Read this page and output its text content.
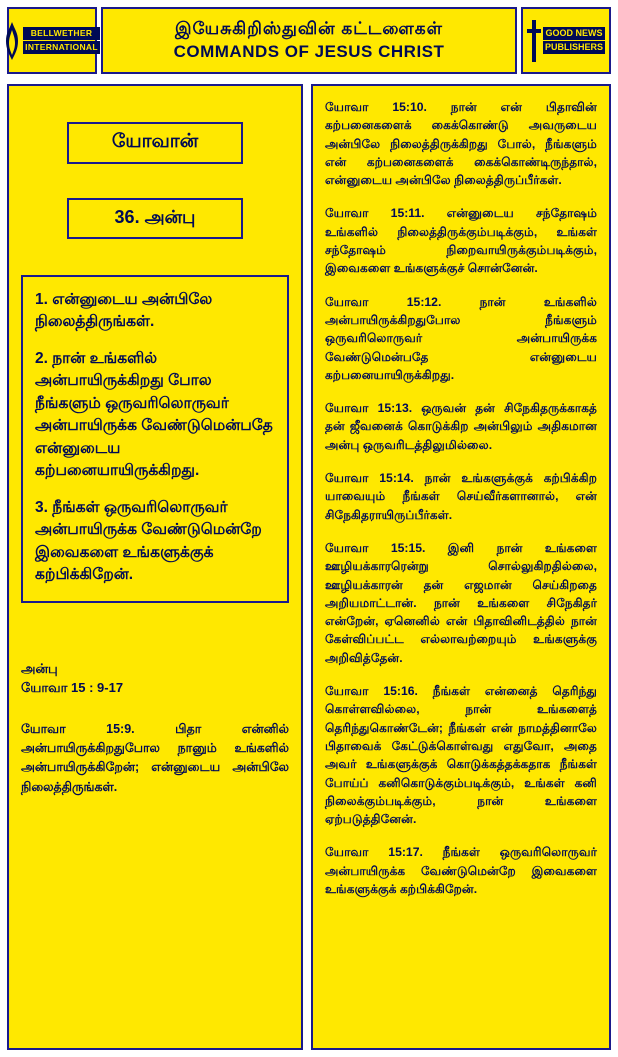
BELLWETHER
INTERNATIONAL
இயேசுகிறிஸ்துவின் கட்டளைகள்
COMMANDS OF JESUS CHRIST
GOOD NEWS
PUBLISHERS
யோவான்
36. அன்பு
1. என்னுடைய அன்பிலே நிலைத்திருங்கள்.
2. நான் உங்களில் அன்பாயிருக்கிறது போல நீங்களும் ஒருவரிலொருவர் அன்பாயிருக்க வேண்டுமென்பதே என்னுடைய கற்பனையாயிருக்கிறது.
3. நீங்கள் ஒருவரிலொருவர் அன்பாயிருக்க வேண்டுமென்றே இவைகளை உங்களுக்குக் கற்பிக்கிறேன்.
அன்பு
யோவா 15 : 9-17
யோவா 15:9. பிதா என்னில் அன்பாயிருக்கிறதுபோல நானும் உங்களில் அன்பாயிருக்கிறேன்; என்னுடைய அன்பிலே நிலைத்திருங்கள்.
யோவா 15:10. நான் என் பிதாவின் கற்பனைகளைக் கைக்கொண்டு அவருடைய அன்பிலே நிலைத்திருக்கிறது போல், நீங்களும் என் கற்பனைகளைக் கைக்கொண்டிருந்தால், என்னுடைய அன்பிலே நிலைத்திருப்பீர்கள்.
யோவா 15:11. என்னுடைய சந்தோஷம் உங்களில் நிலைத்திருக்கும்படிக்கும், உங்கள் சந்தோஷம் நிறைவாயிருக்கும்படிக்கும், இவைகளை உங்களுக்குச் சொன்னேன்.
யோவா 15:12. நான் உங்களில் அன்பாயிருக்கிறதுபோல நீங்களும் ஒருவரிலொருவர் அன்பாயிருக்க வேண்டுமென்பதே என்னுடைய கற்பனையாயிருக்கிறது.
யோவா 15:13. ஒருவன் தன் சிநேகிதருக்காகத் தன் ஜீவனைக் கொடுக்கிற அன்பிலும் அதிகமான அன்பு ஒருவரிடத்திலுமில்லை.
யோவா 15:14. நான் உங்களுக்குக் கற்பிக்கிற யாவையும் நீங்கள் செய்வீர்களானால், என் சிநேகிதராயிருப்பீர்கள்.
யோவா 15:15. இனி நான் உங்களை ஊழியக்காரரென்று சொல்லுகிறதில்லை, ஊழியக்காரன் தன் எஜமான் செய்கிறதை அறியமாட்டான். நான் உங்களை சிநேகிதர் என்றேன், ஏனெனில் என் பிதாவினிடத்தில் நான் கேள்விப்பட்ட எல்லாவற்றையும் உங்களுக்கு அறிவித்தேன்.
யோவா 15:16. நீங்கள் என்னைத் தெரிந்து கொள்ளவில்லை, நான் உங்களைத் தெரிந்துகொண்டேன்; நீங்கள் என் நாமத்தினாலே பிதாவைக் கேட்டுக்கொள்வது எதுவோ, அதை அவர் உங்களுக்குக் கொடுக்கத்தக்கதாக நீங்கள் போய்ப் கனிகொடுக்கும்படிக்கும், உங்கள் கனி நிலைக்கும்படிக்கும், நான் உங்களை ஏற்படுத்தினேன்.
யோவா 15:17. நீங்கள் ஒருவரிலொருவர் அன்பாயிருக்க வேண்டுமென்றே இவைகளை உங்களுக்குக் கற்பிக்கிறேன்.
